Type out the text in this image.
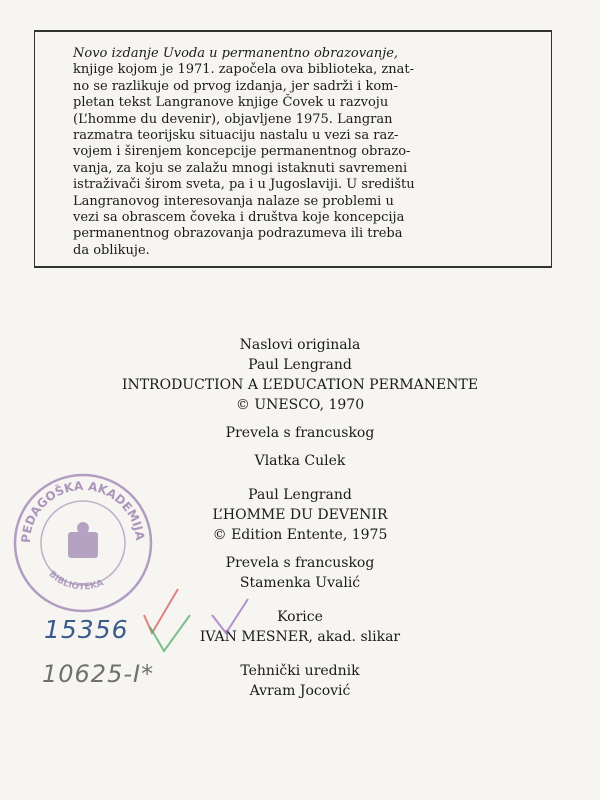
Novo izdanje Uvoda u permanentno obrazovanje,
knjige kojom je 1971. započela ova biblioteka, znat-
no se razlikuje od prvog izdanja, jer sadrži i kom-
pletan tekst Langranove knjige Čovek u razvoju
(L’homme du devenir), objavljene 1975. Langran
razmatra teorijsku situaciju nastalu u vezi sa raz-
vojem i širenjem koncepcije permanentnog obrazo-
vanja, za koju se zalažu mnogi istaknuti savremeni
istraživači širom sveta, pa i u Jugoslaviji. U središtu
Langranovog interesovanja nalaze se problemi u
vezi sa obrascem čoveka i društva koje koncepcija
permanentnog obrazovanja podrazumeva ili treba
da oblikuje.
Naslovi originala
Paul Lengrand
INTRODUCTION A L’EDUCATION PERMANENTE
© UNESCO, 1970
Prevela s francuskog
Vlatka Culek
Paul Lengrand
L’HOMME DU DEVENIR
© Edition Entente, 1975
Prevela s francuskog
Stamenka Uvalić
Korice
IVAN MESNER, akad. slikar
Tehnički urednik
Avram Jocović
PEDAGOŠKA AKADEMIJA
BIBLIOTEKA
15356
10625-I*
